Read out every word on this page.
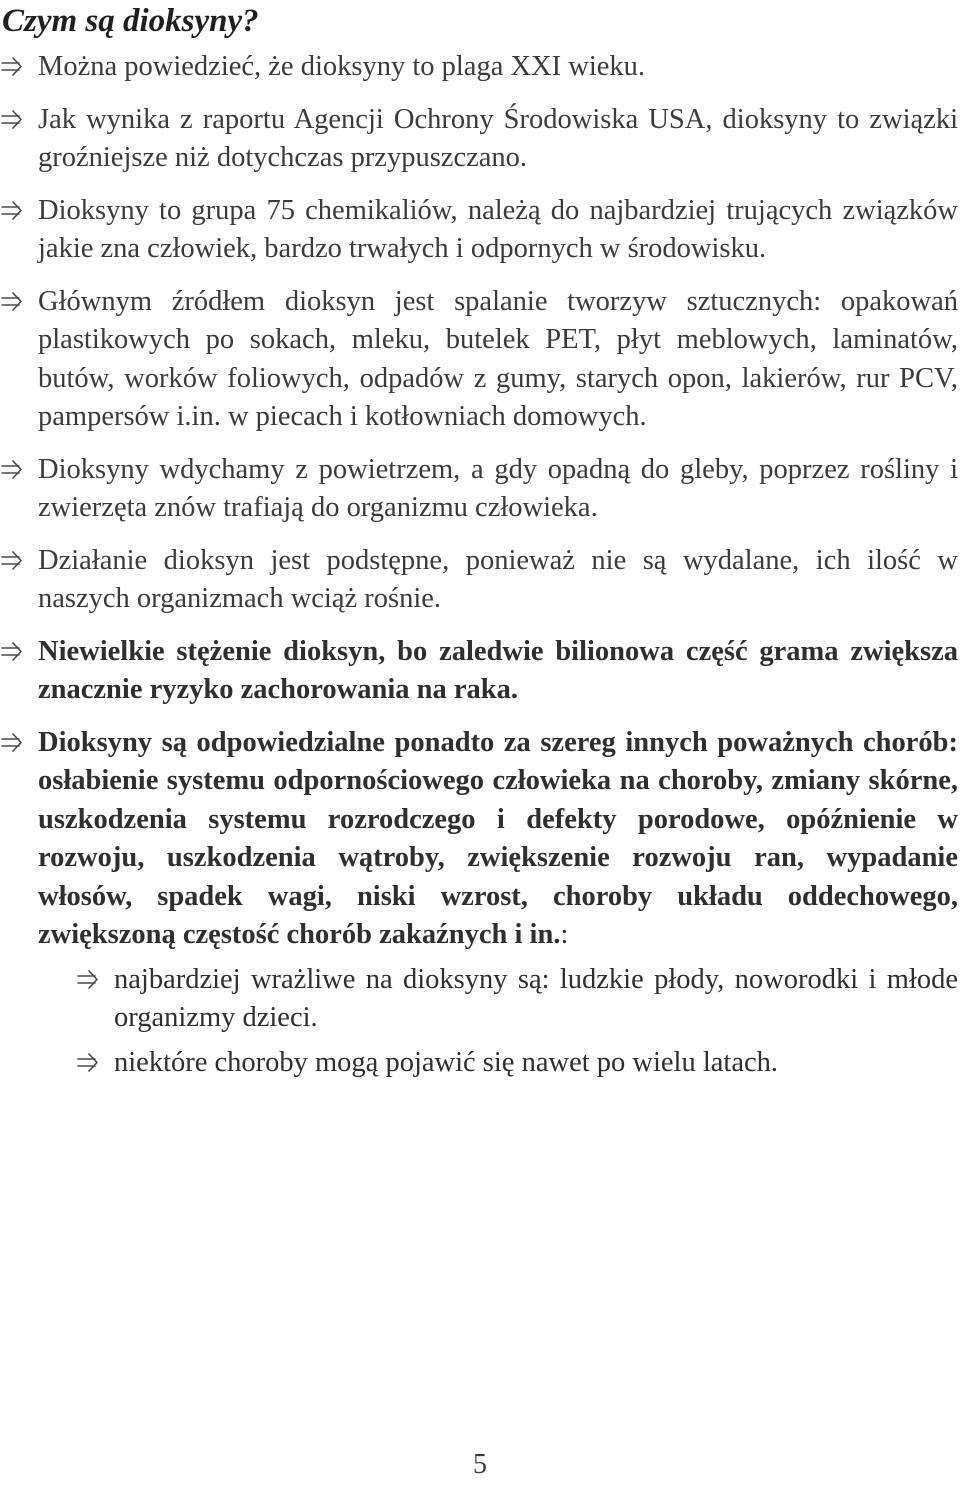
Czym są dioksyny?
Można powiedzieć, że dioksyny to plaga XXI wieku.
Jak wynika z raportu Agencji Ochrony Środowiska USA, dioksyny to związki groźniejsze niż dotychczas przypuszczano.
Dioksyny to grupa 75 chemikaliów, należą do najbardziej trujących związków jakie zna człowiek, bardzo trwałych i odpornych w środowisku.
Głównym źródłem dioksyn jest spalanie tworzyw sztucznych: opakowań plastikowych po sokach, mleku, butelek PET, płyt meblowych, laminatów, butów, worków foliowych, odpadów z gumy, starych opon, lakierów, rur PCV, pampersów i.in. w piecach i kotłowniach domowych.
Dioksyny wdychamy z powietrzem, a gdy opadną do gleby, poprzez rośliny i zwierzęta znów trafiają do organizmu człowieka.
Działanie dioksyn jest podstępne, ponieważ nie są wydalane, ich ilość w naszych organizmach wciąż rośnie.
Niewielkie stężenie dioksyn, bo zaledwie bilionowa część grama zwiększa znacznie ryzyko zachorowania na raka.
Dioksyny są odpowiedzialne ponadto za szereg innych poważnych chorób: osłabienie systemu odpornościowego człowieka na choroby, zmiany skórne, uszkodzenia systemu rozrodczego i defekty porodowe, opóźnienie w rozwoju, uszkodzenia wątroby, zwiększenie rozwoju ran, wypadanie włosów, spadek wagi, niski wzrost, choroby układu oddechowego, zwiększoną częstość chorób zakaźnych i in.:
najbardziej wrażliwe na dioksyny są: ludzkie płody, noworodki i młode organizmy dzieci.
niektóre choroby mogą pojawić się nawet po wielu latach.
5
